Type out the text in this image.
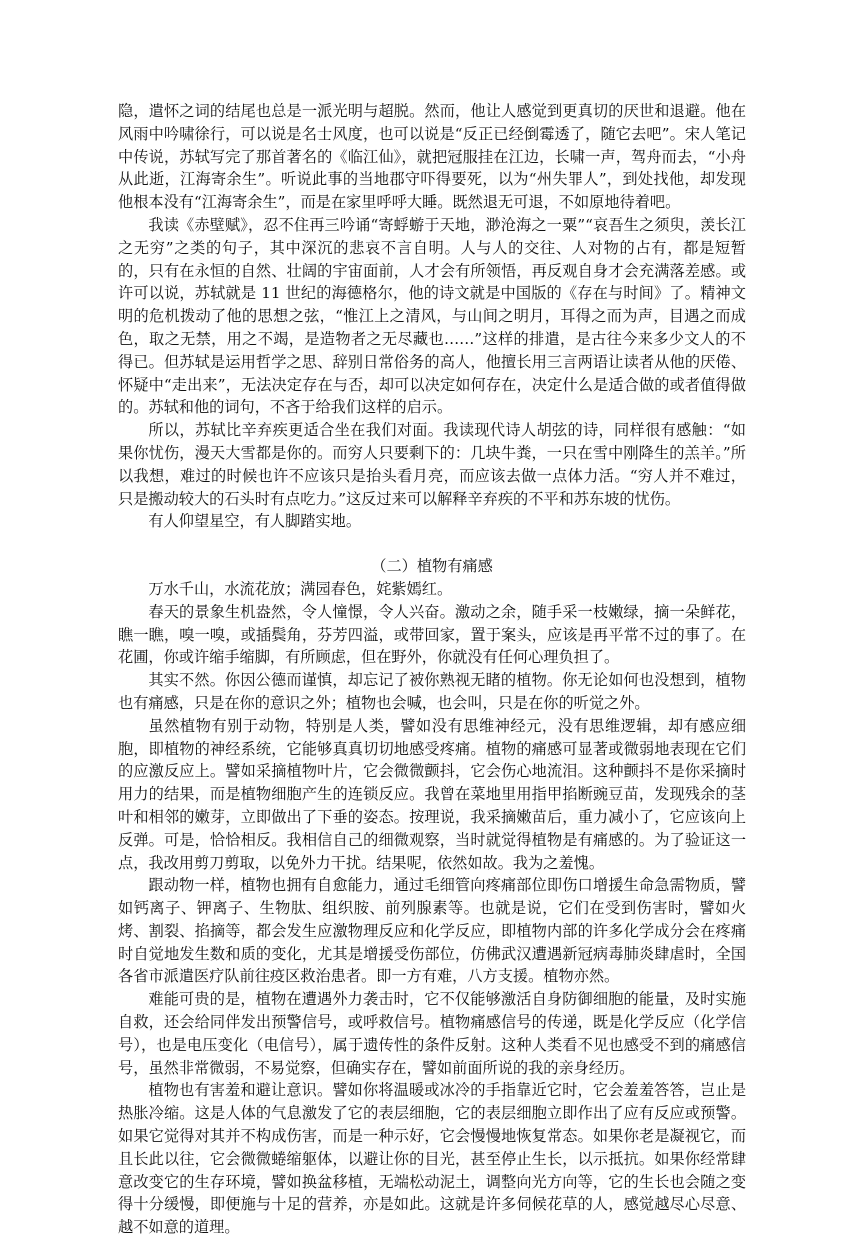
隐，遣怀之词的结尾也总是一派光明与超脱。然而，他让人感觉到更真切的厌世和退避。他在风雨中吟啸徐行，可以说是名士风度，也可以说是“反正已经倒霉透了，随它去吧”。宋人笔记中传说，苏轼写完了那首著名的《临江仙》，就把冠服挂在江边，长啸一声，驾舟而去，“小舟从此逝，江海寄余生”。听说此事的当地郡守吓得要死，以为“州失罪人”，到处找他，却发现他根本没有“江海寄余生”，而是在家里呼呼大睡。既然退无可退，不如原地待着吧。

我读《赤壁赋》，忍不住再三吟诵“寄蜉蝣于天地，渺沧海之一粟”“哀吾生之须臾，羡长江之无穷”之类的句子，其中深沉的悲哀不言自明。人与人的交往、人对物的占有，都是短暂的，只有在永恒的自然、壮阔的宇宙面前，人才会有所领悟，再反观自身才会充满落差感。或许可以说，苏轼就是 11 世纪的海德格尔，他的诗文就是中国版的《存在与时间》了。精神文明的危机拨动了他的思想之弦，“惟江上之清风，与山间之明月，耳得之而为声，目遇之而成色，取之无禁，用之不竭，是造物者之无尽藏也……”这样的排遣，是古往今来多少文人的不得已。但苏轼是运用哲学之思、辞别日常俗务的高人，他擅长用三言两语让读者从他的厌倦、怀疑中“走出来”，无法决定存在与否，却可以决定如何存在，决定什么是适合做的或者值得做的。苏轼和他的词句，不吝于给我们这样的启示。

所以，苏轼比辛弃疾更适合坐在我们对面。我读现代诗人胡弦的诗，同样很有感触：“如果你忧伤，漫天大雪都是你的。而穷人只要剩下的：几块牛粪，一只在雪中刚降生的羔羊。”所以我想，难过的时候也许不应该只是抬头看月亮，而应该去做一点体力活。“穷人并不难过，只是搬动较大的石头时有点吃力。”这反过来可以解释辛弃疾的不平和苏东坡的忧伤。

有人仰望星空，有人脚踏实地。

（二）植物有痛感

万水千山，水流花放；满园春色，姹紫嫣红。

春天的景象生机盎然，令人憧憬，令人兴奋。激动之余，随手采一枝嫩绿，摘一朵鲜花，瞧一瞧，嗅一嗅，或插鬓角，芬芳四溢，或带回家，置于案头，应该是再平常不过的事了。在花圃，你或许缩手缩脚，有所顾虑，但在野外，你就没有任何心理负担了。

其实不然。你因公德而谨慎，却忘记了被你熟视无睹的植物。你无论如何也没想到，植物也有痛感，只是在你的意识之外；植物也会喊，也会叫，只是在你的听觉之外。

虽然植物有别于动物，特别是人类，譬如没有思维神经元，没有思维逻辑，却有感应细胞，即植物的神经系统，它能够真真切切地感受疼痛。植物的痛感可显著或微弱地表现在它们的应激反应上。譬如采摘植物叶片，它会微微颤抖，它会伤心地流泪。这种颤抖不是你采摘时用力的结果，而是植物细胞产生的连锁反应。我曾在菜地里用指甲掐断豌豆苗，发现残余的茎叶和相邻的嫩芽，立即做出了下垂的姿态。按理说，我采摘嫩苗后，重力减小了，它应该向上反弹。可是，恰恰相反。我相信自己的细微观察，当时就觉得植物是有痛感的。为了验证这一点，我改用剪刀剪取，以免外力干扰。结果呢，依然如故。我为之羞愧。

跟动物一样，植物也拥有自愈能力，通过毛细管向疼痛部位即伤口增援生命急需物质，譬如钙离子、钾离子、生物肽、组织胺、前列腺素等。也就是说，它们在受到伤害时，譬如火烤、割裂、掐摘等，都会发生应激物理反应和化学反应，即植物内部的许多化学成分会在疼痛时自觉地发生数和质的变化，尤其是增援受伤部位，仿佛武汉遭遇新冠病毒肺炎肆虐时，全国各省市派遣医疗队前往疫区救治患者。即一方有难，八方支援。植物亦然。

难能可贵的是，植物在遭遇外力袭击时，它不仅能够激活自身防御细胞的能量，及时实施自救，还会给同伴发出预警信号，或呼救信号。植物痛感信号的传递，既是化学反应（化学信号），也是电压变化（电信号），属于遗传性的条件反射。这种人类看不见也感受不到的痛感信号，虽然非常微弱，不易觉察，但确实存在，譬如前面所说的我的亲身经历。

植物也有害羞和避让意识。譬如你将温暖或冰冷的手指靠近它时，它会羞羞答答，岂止是热胀冷缩。这是人体的气息激发了它的表层细胞，它的表层细胞立即作出了应有反应或预警。如果它觉得对其并不构成伤害，而是一种示好，它会慢慢地恢复常态。如果你老是凝视它，而且长此以往，它会微微蜷缩躯体，以避让你的目光，甚至停止生长，以示抵抗。如果你经常肆意改变它的生存环境，譬如换盆移植，无端松动泥土，调整向光方向等，它的生长也会随之变得十分缓慢，即便施与十足的营养，亦是如此。这就是许多伺候花草的人，感觉越尽心尽意、越不如意的道理。
